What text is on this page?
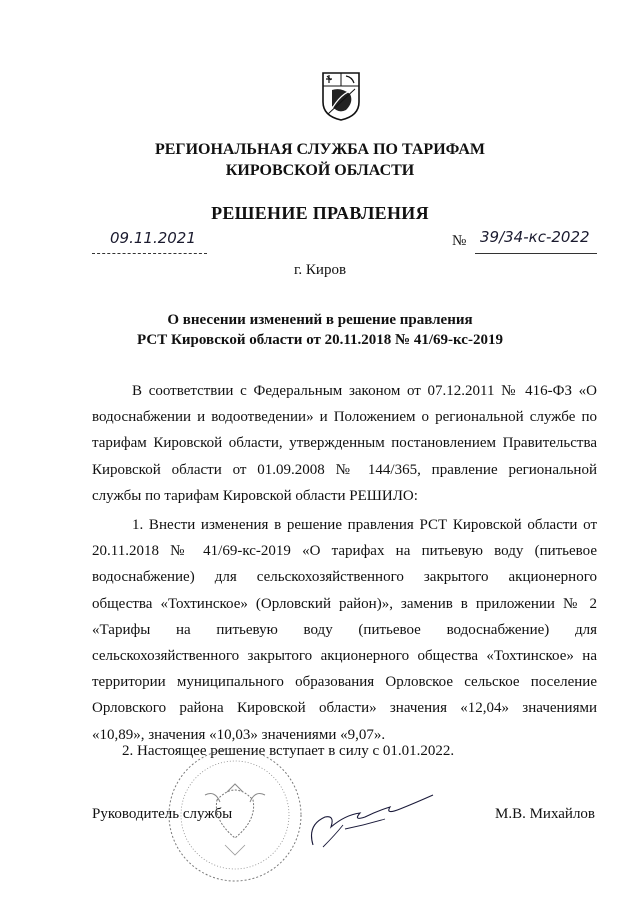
РЕГИОНАЛЬНАЯ СЛУЖБА ПО ТАРИФАМ
КИРОВСКОЙ ОБЛАСТИ
РЕШЕНИЕ ПРАВЛЕНИЯ
09.11.2021	№ 39/34-кс-2022
г. Киров
О внесении изменений в решение правления
РСТ Кировской области от 20.11.2018 № 41/69-кс-2019
В соответствии с Федеральным законом от 07.12.2011 № 416-ФЗ «О
водоснабжении и водоотведении» и Положением о региональной службе по
тарифам Кировской области, утвержденным постановлением Правительства
Кировской области от 01.09.2008 № 144/365, правление региональной
службы по тарифам Кировской области РЕШИЛО:
1. Внести изменения в решение правления РСТ Кировской области от
20.11.2018 № 41/69-кс-2019 «О тарифах на питьевую воду (питьевое
водоснабжение) для сельскохозяйственного закрытого акционерного
общества «Тохтинское» (Орловский район)», заменив в приложении № 2
«Тарифы на питьевую воду (питьевое водоснабжение) для
сельскохозяйственного закрытого акционерного общества «Тохтинское» на
территории муниципального образования Орловское сельское поселение
Орловского района Кировской области» значения «12,04» значениями
«10,89», значения «10,03» значениями «9,07».
2. Настоящее решение вступает в силу с 01.01.2022.
Руководитель службы	М.В. Михайлов
